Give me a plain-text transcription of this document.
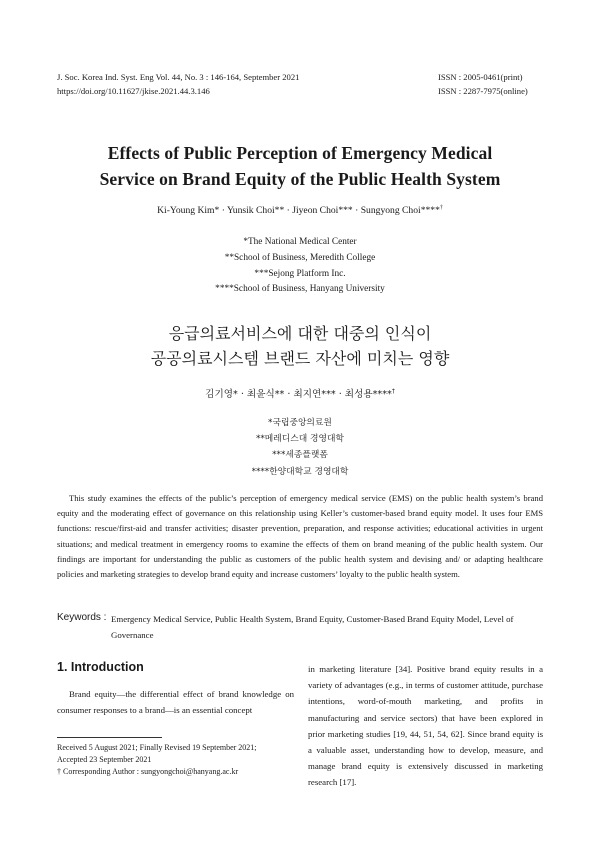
J. Soc. Korea Ind. Syst. Eng Vol. 44, No. 3 : 146-164, September 2021
https://doi.org/10.11627/jkise.2021.44.3.146
ISSN : 2005-0461(print)
ISSN : 2287-7975(online)
Effects of Public Perception of Emergency Medical
Service on Brand Equity of the Public Health System
Ki-Young Kim* · Yunsik Choi** · Jiyeon Choi*** · Sungyong Choi****†
*The National Medical Center
**School of Business, Meredith College
***Sejong Platform Inc.
****School of Business, Hanyang University
응급의료서비스에 대한 대중의 인식이
공공의료시스템 브랜드 자산에 미치는 영향
김기영* · 최윤식** · 최지연*** · 최성용****†
*국립중앙의료원
**메레디스대 경영대학
***세종플랫폼
****한양대학교 경영대학
This study examines the effects of the public’s perception of emergency medical service (EMS) on the public health system’s brand equity and the moderating effect of governance on this relationship using Keller’s customer-based brand equity model. It uses four EMS functions: rescue/first-aid and transfer activities; disaster prevention, preparation, and response activities; educational activities in urgent situations; and medical treatment in emergency rooms to examine the effects of them on brand meaning of the public health system. Our findings are important for understanding the public as customers of the public health system and devising and/ or adapting healthcare policies and marketing strategies to develop brand equity and increase customers’ loyalty to the public health system.
Keywords : Emergency Medical Service, Public Health System, Brand Equity, Customer-Based Brand Equity Model, Level of Governance
1. Introduction
Brand equity—the differential effect of brand knowledge on consumer responses to a brand—is an essential concept
in marketing literature [34]. Positive brand equity results in a variety of advantages (e.g., in terms of customer attitude, purchase intentions, word-of-mouth marketing, and profits in manufacturing and service sectors) that have been explored in prior marketing studies [19, 44, 51, 54, 62]. Since brand equity is a valuable asset, understanding how to develop, measure, and manage brand equity is extensively discussed in marketing research [17].
Received 5 August 2021; Finally Revised 19 September 2021;
Accepted 23 September 2021
† Corresponding Author : sungyongchoi@hanyang.ac.kr
